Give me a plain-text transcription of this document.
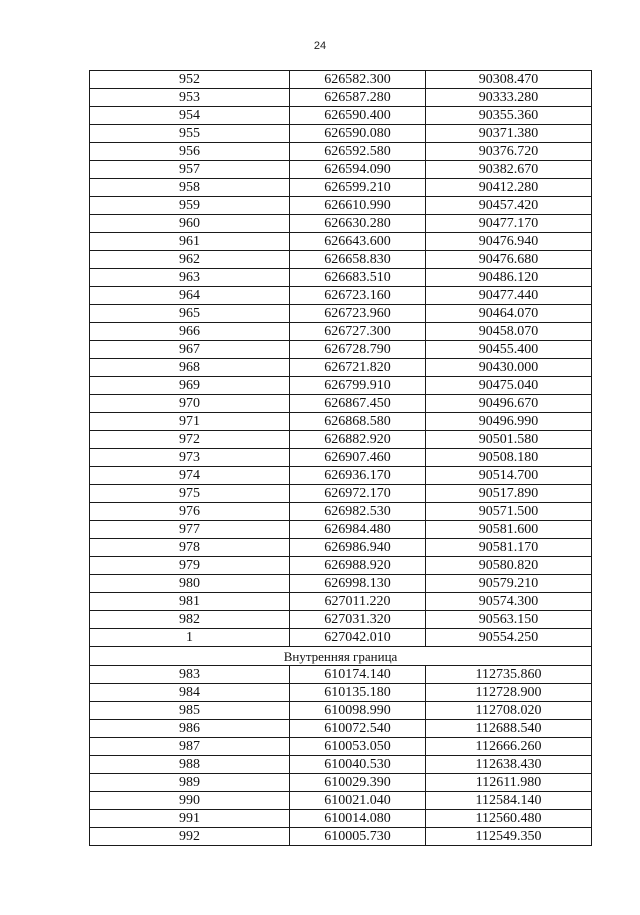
24
952	626582.300	90308.470
953	626587.280	90333.280
954	626590.400	90355.360
955	626590.080	90371.380
956	626592.580	90376.720
957	626594.090	90382.670
958	626599.210	90412.280
959	626610.990	90457.420
960	626630.280	90477.170
961	626643.600	90476.940
962	626658.830	90476.680
963	626683.510	90486.120
964	626723.160	90477.440
965	626723.960	90464.070
966	626727.300	90458.070
967	626728.790	90455.400
968	626721.820	90430.000
969	626799.910	90475.040
970	626867.450	90496.670
971	626868.580	90496.990
972	626882.920	90501.580
973	626907.460	90508.180
974	626936.170	90514.700
975	626972.170	90517.890
976	626982.530	90571.500
977	626984.480	90581.600
978	626986.940	90581.170
979	626988.920	90580.820
980	626998.130	90579.210
981	627011.220	90574.300
982	627031.320	90563.150
1	627042.010	90554.250
Внутренняя граница		
983	610174.140	112735.860
984	610135.180	112728.900
985	610098.990	112708.020
986	610072.540	112688.540
987	610053.050	112666.260
988	610040.530	112638.430
989	610029.390	112611.980
990	610021.040	112584.140
991	610014.080	112560.480
992	610005.730	112549.350
